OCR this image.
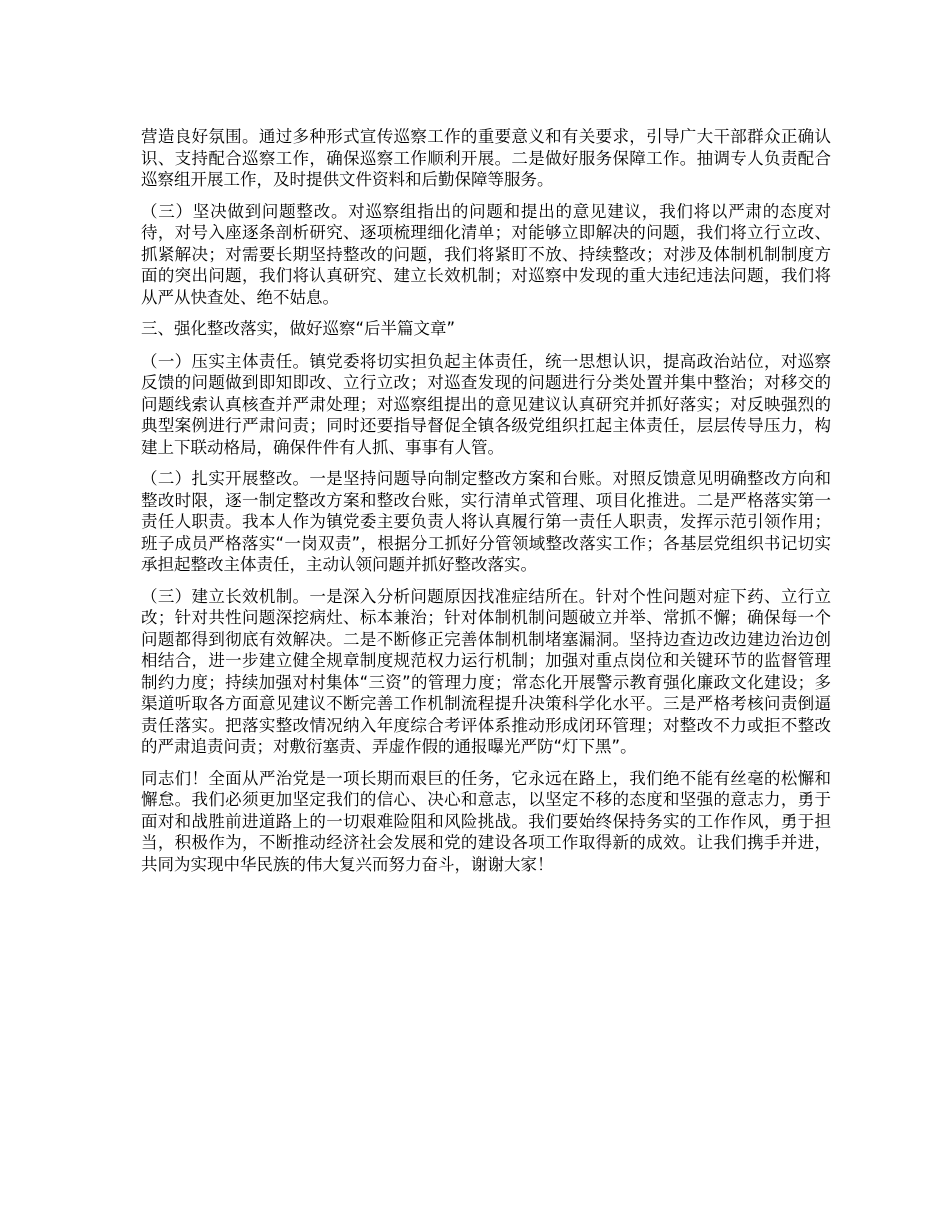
营造良好氛围。通过多种形式宣传巡察工作的重要意义和有关要求，引导广大干部群众正确认识、支持配合巡察工作，确保巡察工作顺利开展。二是做好服务保障工作。抽调专人负责配合巡察组开展工作，及时提供文件资料和后勤保障等服务。

（三）坚决做到问题整改。对巡察组指出的问题和提出的意见建议，我们将以严肃的态度对待，对号入座逐条剖析研究、逐项梳理细化清单；对能够立即解决的问题，我们将立行立改、抓紧解决；对需要长期坚持整改的问题，我们将紧盯不放、持续整改；对涉及体制机制制度方面的突出问题，我们将认真研究、建立长效机制；对巡察中发现的重大违纪违法问题，我们将从严从快查处、绝不姑息。

三、强化整改落实，做好巡察“后半篇文章”

（一）压实主体责任。镇党委将切实担负起主体责任，统一思想认识，提高政治站位，对巡察反馈的问题做到即知即改、立行立改；对巡查发现的问题进行分类处置并集中整治；对移交的问题线索认真核查并严肃处理；对巡察组提出的意见建议认真研究并抓好落实；对反映强烈的典型案例进行严肃问责；同时还要指导督促全镇各级党组织扛起主体责任，层层传导压力，构建上下联动格局，确保件件有人抓、事事有人管。

（二）扎实开展整改。一是坚持问题导向制定整改方案和台账。对照反馈意见明确整改方向和整改时限，逐一制定整改方案和整改台账，实行清单式管理、项目化推进。二是严格落实第一责任人职责。我本人作为镇党委主要负责人将认真履行第一责任人职责，发挥示范引领作用；班子成员严格落实“一岗双责”，根据分工抓好分管领域整改落实工作；各基层党组织书记切实承担起整改主体责任，主动认领问题并抓好整改落实。

（三）建立长效机制。一是深入分析问题原因找准症结所在。针对个性问题对症下药、立行立改；针对共性问题深挖病灶、标本兼治；针对体制机制问题破立并举、常抓不懈；确保每一个问题都得到彻底有效解决。二是不断修正完善体制机制堵塞漏洞。坚持边查边改边建边治边创相结合，进一步建立健全规章制度规范权力运行机制；加强对重点岗位和关键环节的监督管理制约力度；持续加强对村集体“三资”的管理力度；常态化开展警示教育强化廉政文化建设；多渠道听取各方面意见建议不断完善工作机制流程提升决策科学化水平。三是严格考核问责倒逼责任落实。把落实整改情况纳入年度综合考评体系推动形成闭环管理；对整改不力或拒不整改的严肃追责问责；对敷衍塞责、弄虚作假的通报曝光严防“灯下黑”。

同志们！全面从严治党是一项长期而艰巨的任务，它永远在路上，我们绝不能有丝毫的松懈和懈怠。我们必须更加坚定我们的信心、决心和意志，以坚定不移的态度和坚强的意志力，勇于面对和战胜前进道路上的一切艰难险阻和风险挑战。我们要始终保持务实的工作作风，勇于担当，积极作为，不断推动经济社会发展和党的建设各项工作取得新的成效。让我们携手并进，共同为实现中华民族的伟大复兴而努力奋斗，谢谢大家！
